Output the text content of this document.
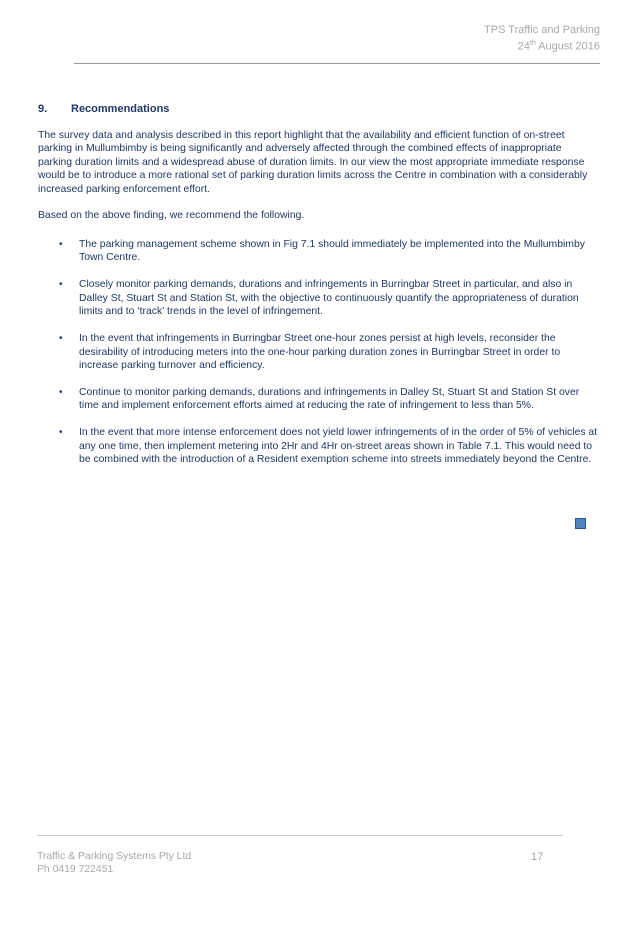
TPS Traffic and Parking
24th August 2016
9. Recommendations
The survey data and analysis described in this report highlight that the availability and efficient function of on-street parking in Mullumbimby is being significantly and adversely affected through the combined effects of inappropriate parking duration limits and a widespread abuse of duration limits. In our view the most appropriate immediate response would be to introduce a more rational set of parking duration limits across the Centre in combination with a considerably increased parking enforcement effort.
Based on the above finding, we recommend the following.
• The parking management scheme shown in Fig 7.1 should immediately be implemented into the Mullumbimby Town Centre.
• Closely monitor parking demands, durations and infringements in Burringbar Street in particular, and also in Dalley St, Stuart St and Station St, with the objective to continuously quantify the appropriateness of duration limits and to ‘track’ trends in the level of infringement.
• In the event that infringements in Burringbar Street one-hour zones persist at high levels, reconsider the desirability of introducing meters into the one-hour parking duration zones in Burringbar Street in order to increase parking turnover and efficiency.
• Continue to monitor parking demands, durations and infringements in Dalley St, Stuart St and Station St over time and implement enforcement efforts aimed at reducing the rate of infringement to less than 5%.
• In the event that more intense enforcement does not yield lower infringements of in the order of 5% of vehicles at any one time, then implement metering into 2Hr and 4Hr on-street areas shown in Table 7.1. This would need to be combined with the introduction of a Resident exemption scheme into streets immediately beyond the Centre.
Traffic & Parking Systems Pty Ltd
Ph 0419 722451
17
